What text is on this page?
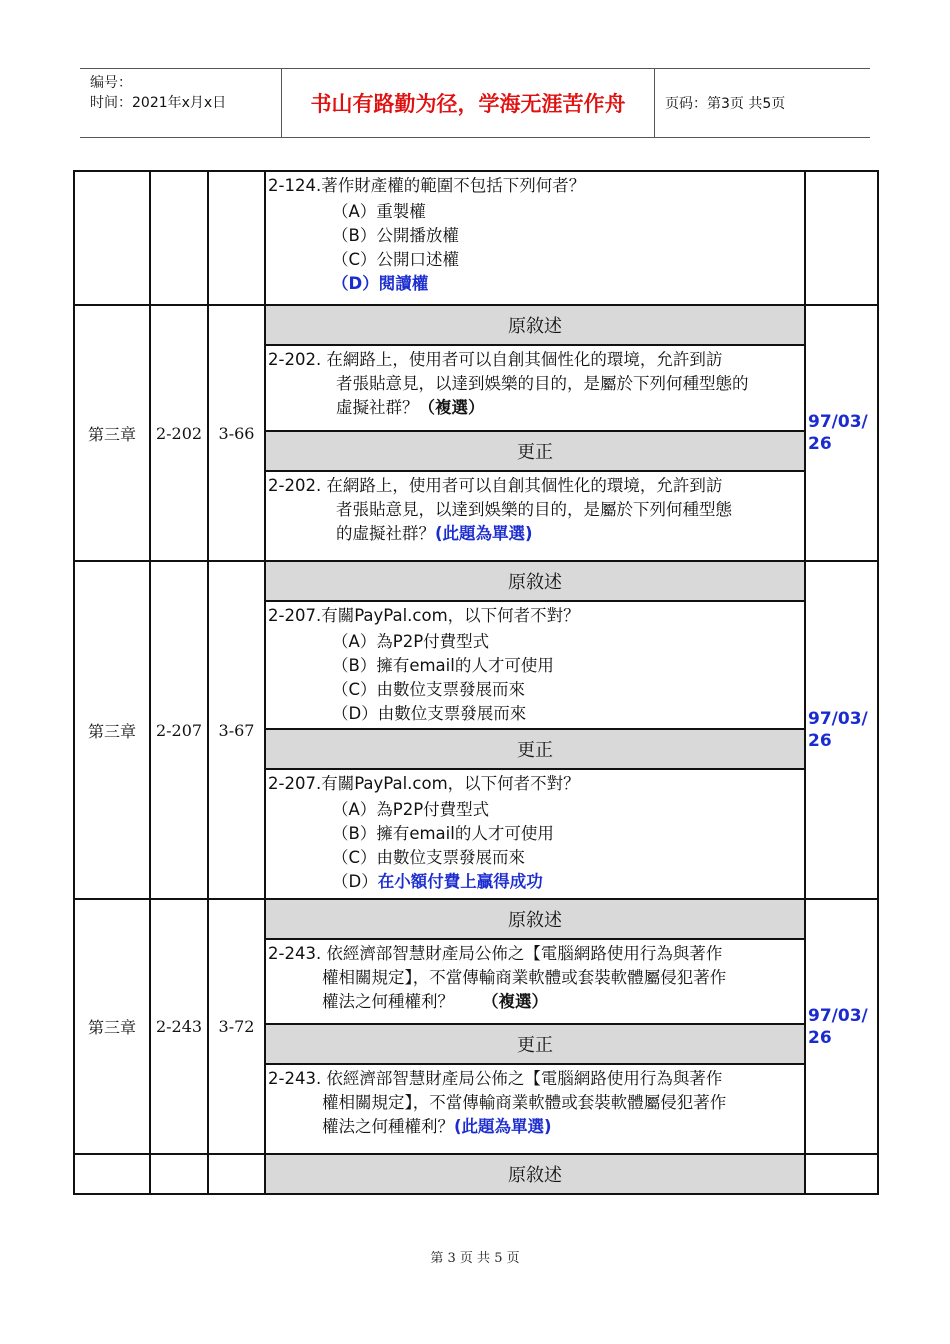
编号：
时间：2021年x月x日	书山有路勤为径，学海无涯苦作舟	页码：第3页 共5页

			2-124.著作財產權的範圍不包括下列何者？
（A）重製權
（B）公開播放權
（C）公開口述權
（D）閱讀權	

第三章	2-202	3-66	原敘述	97/03/26

			2-202. 在網路上，使用者可以自創其個性化的環境，允許到訪
者張貼意見，以達到娛樂的目的，是屬於下列何種型態的
虛擬社群？（複選）	

			更正	

			2-202. 在網路上，使用者可以自創其個性化的環境，允許到訪
者張貼意見，以達到娛樂的目的，是屬於下列何種型態
的虛擬社群？(此題為單選)	

第三章	2-207	3-67	原敘述	97/03/26

			2-207.有關PayPal.com，以下何者不對？
（A）為P2P付費型式
（B）擁有email的人才可使用
（C）由數位支票發展而來
（D）由數位支票發展而來	

			更正	

			2-207.有關PayPal.com，以下何者不對？
（A）為P2P付費型式
（B）擁有email的人才可使用
（C）由數位支票發展而來
（D）在小額付費上贏得成功	

第三章	2-243	3-72	原敘述	97/03/26

			2-243. 依經濟部智慧財產局公佈之【電腦網路使用行為與著作
權相關規定】，不當傳輸商業軟體或套裝軟體屬侵犯著作
權法之何種權利？ （複選）	

			更正	

			2-243. 依經濟部智慧財產局公佈之【電腦網路使用行為與著作
權相關規定】，不當傳輸商業軟體或套裝軟體屬侵犯著作
權法之何種權利？(此題為單選)	

			原敘述	
第 3 页 共 5 页
